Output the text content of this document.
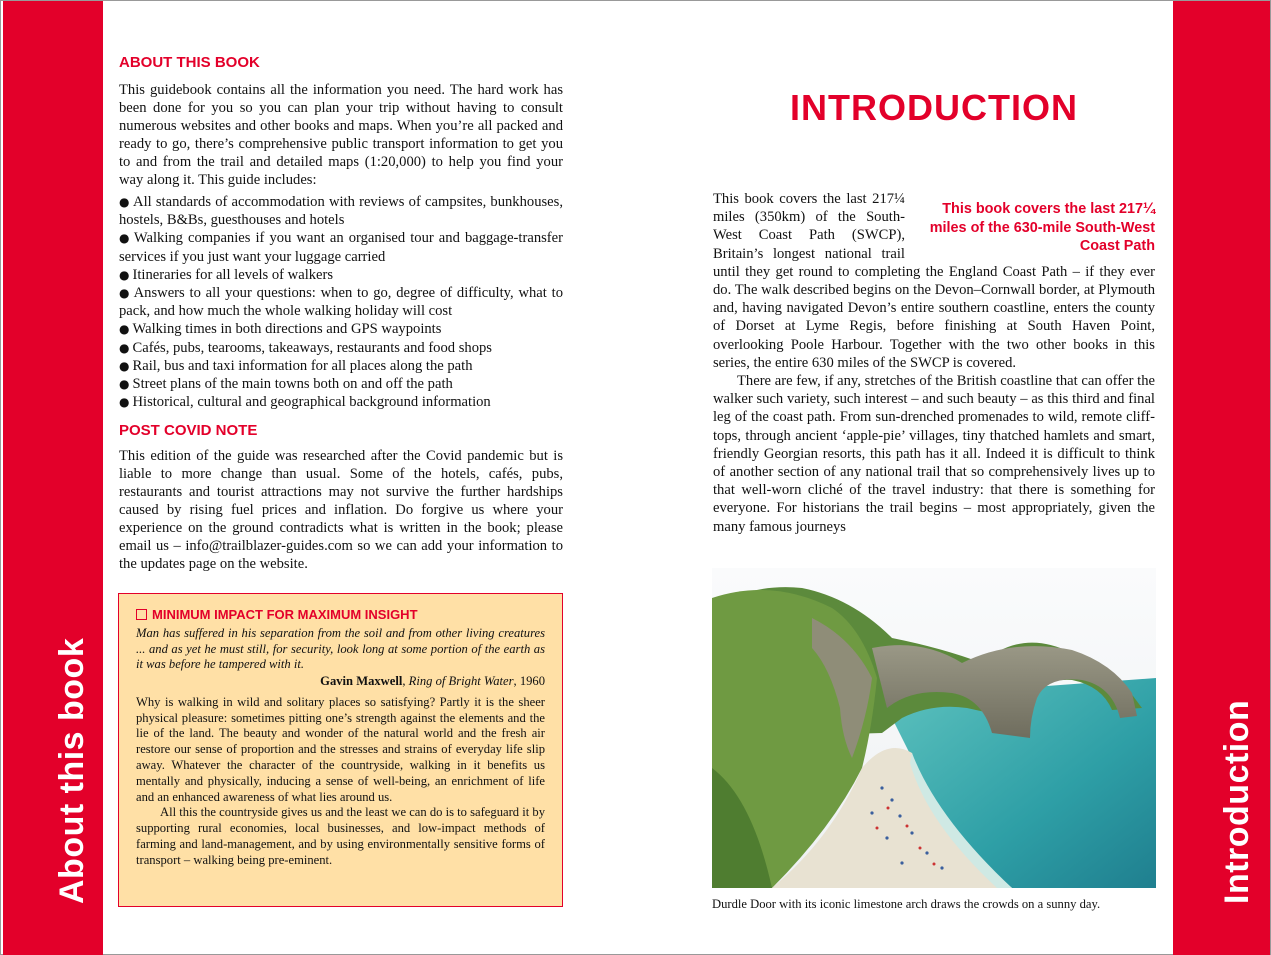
About this book
ABOUT THIS BOOK

This guidebook contains all the information you need. The hard work has been done for you so you can plan your trip without having to consult numerous websites and other books and maps. When you’re all packed and ready to go, there’s comprehensive public transport information to get you to and from the trail and detailed maps (1:20,000) to help you find your way along it. This guide includes:

● All standards of accommodation with reviews of campsites, bunkhouses, hostels, B&Bs, guesthouses and hotels
● Walking companies if you want an organised tour and baggage-transfer services if you just want your luggage carried
● Itineraries for all levels of walkers
● Answers to all your questions: when to go, degree of difficulty, what to pack, and how much the whole walking holiday will cost
● Walking times in both directions and GPS waypoints
● Cafés, pubs, tearooms, takeaways, restaurants and food shops
● Rail, bus and taxi information for all places along the path
● Street plans of the main towns both on and off the path
● Historical, cultural and geographical background information
POST COVID NOTE

This edition of the guide was researched after the Covid pandemic but is liable to more change than usual. Some of the hotels, cafés, pubs, restaurants and tourist attractions may not survive the further hardships caused by rising fuel prices and inflation. Do forgive us where your experience on the ground contradicts what is written in the book; please email us – info@trailblazer-guides.com so we can add your information to the updates page on the website.

MINIMUM IMPACT FOR MAXIMUM INSIGHT

Man has suffered in his separation from the soil and from other living creatures ... and as yet he must still, for security, look long at some portion of the earth as it was before he tampered with it.

Gavin Maxwell, Ring of Bright Water, 1960

Why is walking in wild and solitary places so satisfying? Partly it is the sheer physical pleasure: sometimes pitting one’s strength against the elements and the lie of the land. The beauty and wonder of the natural world and the fresh air restore our sense of proportion and the stresses and strains of everyday life slip away. Whatever the character of the countryside, walking in it benefits us mentally and physically, inducing a sense of well-being, an enrichment of life and an enhanced awareness of what lies around us.

All this the countryside gives us and the least we can do is to safeguard it by supporting rural economies, local businesses, and low-impact methods of farming and land-management, and by using environmentally sensitive forms of transport – walking being pre-eminent.

INTRODUCTION
This book covers the last 217¼ miles of the 630-mile South-West Coast Path

This book covers the last 217¼ miles (350km) of the South-West Coast Path (SWCP), Britain’s longest national trail until they get round to completing the England Coast Path – if they ever do. The walk described begins on the Devon–Cornwall border, at Plymouth and, having navigated Devon’s entire southern coastline, enters the county of Dorset at Lyme Regis, before finishing at South Haven Point, overlooking Poole Harbour. Together with the two other books in this series, the entire 630 miles of the SWCP is covered.

There are few, if any, stretches of the British coastline that can offer the walker such variety, such interest – and such beauty – as this third and final leg of the coast path. From sun-drenched promenades to wild, remote cliff-tops, through ancient ‘apple-pie’ villages, tiny thatched hamlets and smart, friendly Georgian resorts, this path has it all. Indeed it is difficult to think of another section of any national trail that so comprehensively lives up to that well-worn cliché of the travel industry: that there is something for everyone. For historians the trail begins – most appropriately, given the many famous journeys

Durdle Door with its iconic limestone arch draws the crowds on a sunny day.	Introduction
